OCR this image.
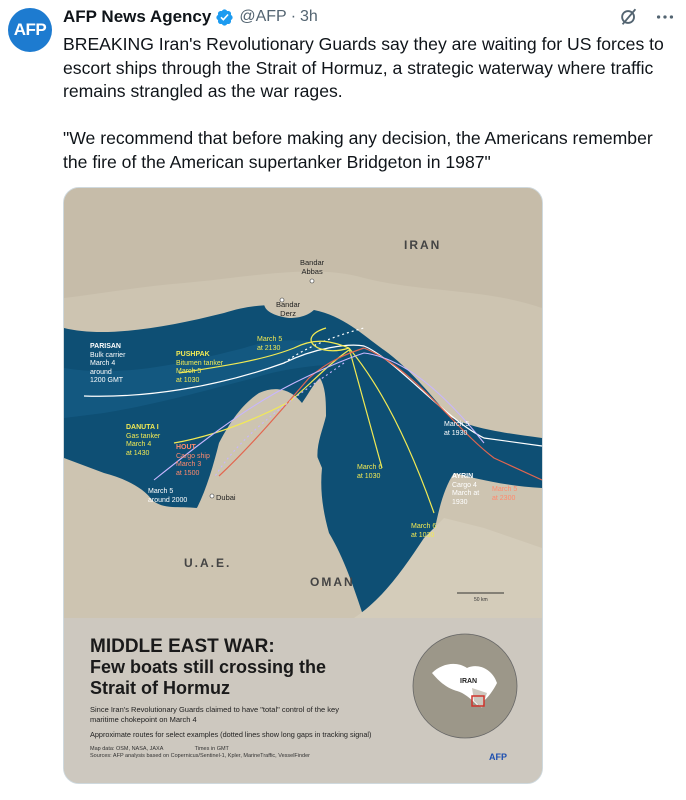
AFP
AFP News Agency @AFP · 3h

BREAKING Iran's Revolutionary Guards say they are waiting for US forces to escort ships through the Strait of Hormuz, a strategic waterway where traffic remains strangled as the war rages.

"We recommend that before making any decision, the Americans remember the fire of the American supertanker Bridgeton in 1987"

IRAN
U.A.E.
OMAN
Bandar
Abbas
Bandar
Derz
Dubai
PARISAN
Bulk carrier
March 4
around
1200 GMT
PUSHPAK
Bitumen tanker
March 5
at 1030
March 5
at 2130
DANUTA I
Gas tanker
March 4
at 1430
HOUT
Cargo ship
March 3
at 1500
March 5
around 2000
March 6
at 1030
March 6
at 1030
March 5
at 1930
AYRIN
Cargo 4
March at
1930
March 5
at 2300
50 km
MIDDLE EAST WAR:
Few boats still crossing the Strait of Hormuz
Since Iran's Revolutionary Guards claimed to have "total" control of the key maritime chokepoint on March 4
Approximate routes for select examples (dotted lines show long gaps in tracking signal)
Map data: OSM, NASA, JAXA	Times in GMT
Sources: AFP analysis based on Copernicus/Sentinel-1, Kpler, MarineTraffic, VesselFinder	AFP
IRAN
